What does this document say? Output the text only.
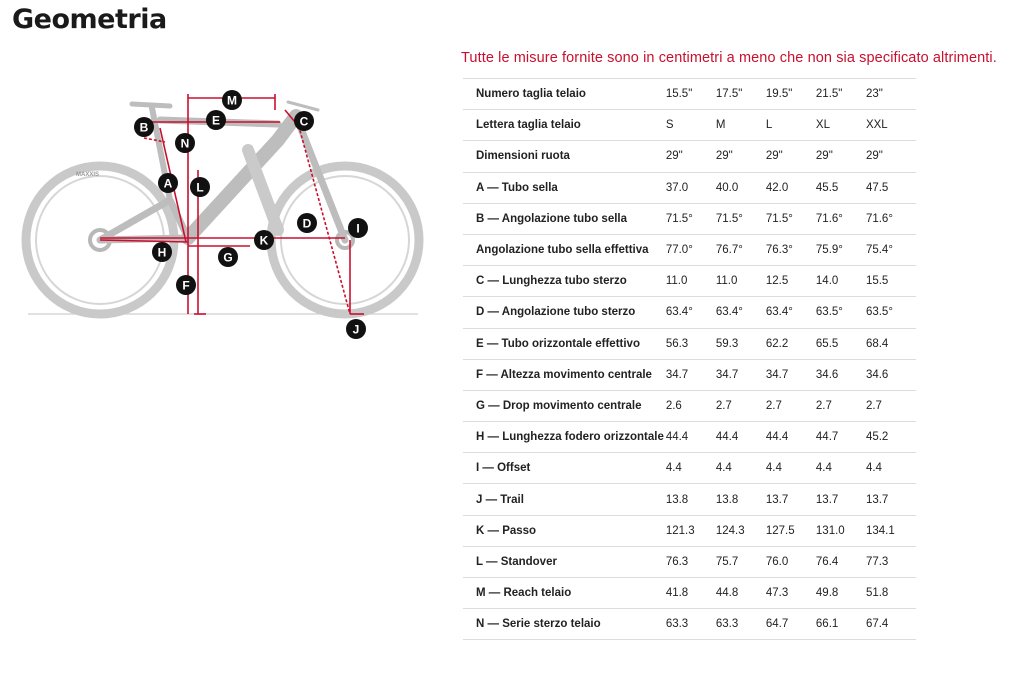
Geometria
MAXXIS
A
B	C
D
E
F
G
H
I
J
K
L
M
N
Tutte le misure fornite sono in centimetri a meno che non sia specificato altrimenti.
Numero taglia telaio	15.5"	17.5"	19.5"	21.5"	23"
Lettera taglia telaio	S	M	L	XL	XXL
Dimensioni ruota	29"	29"	29"	29"	29"
A — Tubo sella	37.0	40.0	42.0	45.5	47.5
B — Angolazione tubo sella	71.5°	71.5°	71.5°	71.6°	71.6°
Angolazione tubo sella effettiva	77.0°	76.7°	76.3°	75.9°	75.4°
C — Lunghezza tubo sterzo	11.0	11.0	12.5	14.0	15.5
D — Angolazione tubo sterzo	63.4°	63.4°	63.4°	63.5°	63.5°
E — Tubo orizzontale effettivo	56.3	59.3	62.2	65.5	68.4
F — Altezza movimento centrale	34.7	34.7	34.7	34.6	34.6
G — Drop movimento centrale	2.6	2.7	2.7	2.7	2.7
H — Lunghezza fodero orizzontale	44.4	44.4	44.4	44.7	45.2
I — Offset	4.4	4.4	4.4	4.4	4.4
J — Trail	13.8	13.8	13.7	13.7	13.7
K — Passo	121.3	124.3	127.5	131.0	134.1
L — Standover	76.3	75.7	76.0	76.4	77.3
M — Reach telaio	41.8	44.8	47.3	49.8	51.8
N — Serie sterzo telaio	63.3	63.3	64.7	66.1	67.4
